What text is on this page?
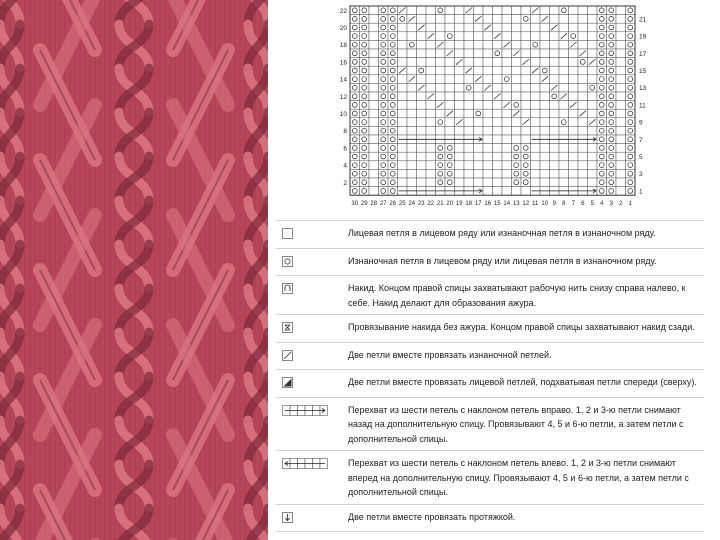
22
20
18
16
14
12
10
8
6
4
2
21
19
17
15
13
11
9
7
5
3
1
30 29 28 27 26 25 24 23 22 21 20 19 18 17 16 15 14 13 12 11 10 9 8 7 6 5 4 3 2 1
	Лицевая петля в лицевом ряду или изнаночная петля в изнаночном ряду.
	Изнаночная петля в лицевом ряду или лицевая петля в изнаночном ряду.
	Накид. Концом правой спицы захватывают рабочую нить снизу справа налево, к себе. Накид делают для образования ажура.
	Провязывание накида без ажура. Концом правой спицы захватывают накид сзади.
	Две петли вместе провязать изнаночной петлей.
	Две петли вместе провязать лицевой петлей, подхватывая петли спереди (сверху).
	Перехват из шести петель с наклоном петель вправо. 1, 2 и 3-ю петли снимают назад на дополнительную спицу. Провязывают 4, 5 и 6-ю петли, а затем петли с дополнительной спицы.
	Перехват из шести петель с наклоном петель влево. 1, 2 и 3-ю петли снимают вперед на дополнительную спицу. Провязывают 4, 5 и 6-ю петли, а затем петли с дополнительной спицы.
	Две петли вместе провязать протяжкой.
